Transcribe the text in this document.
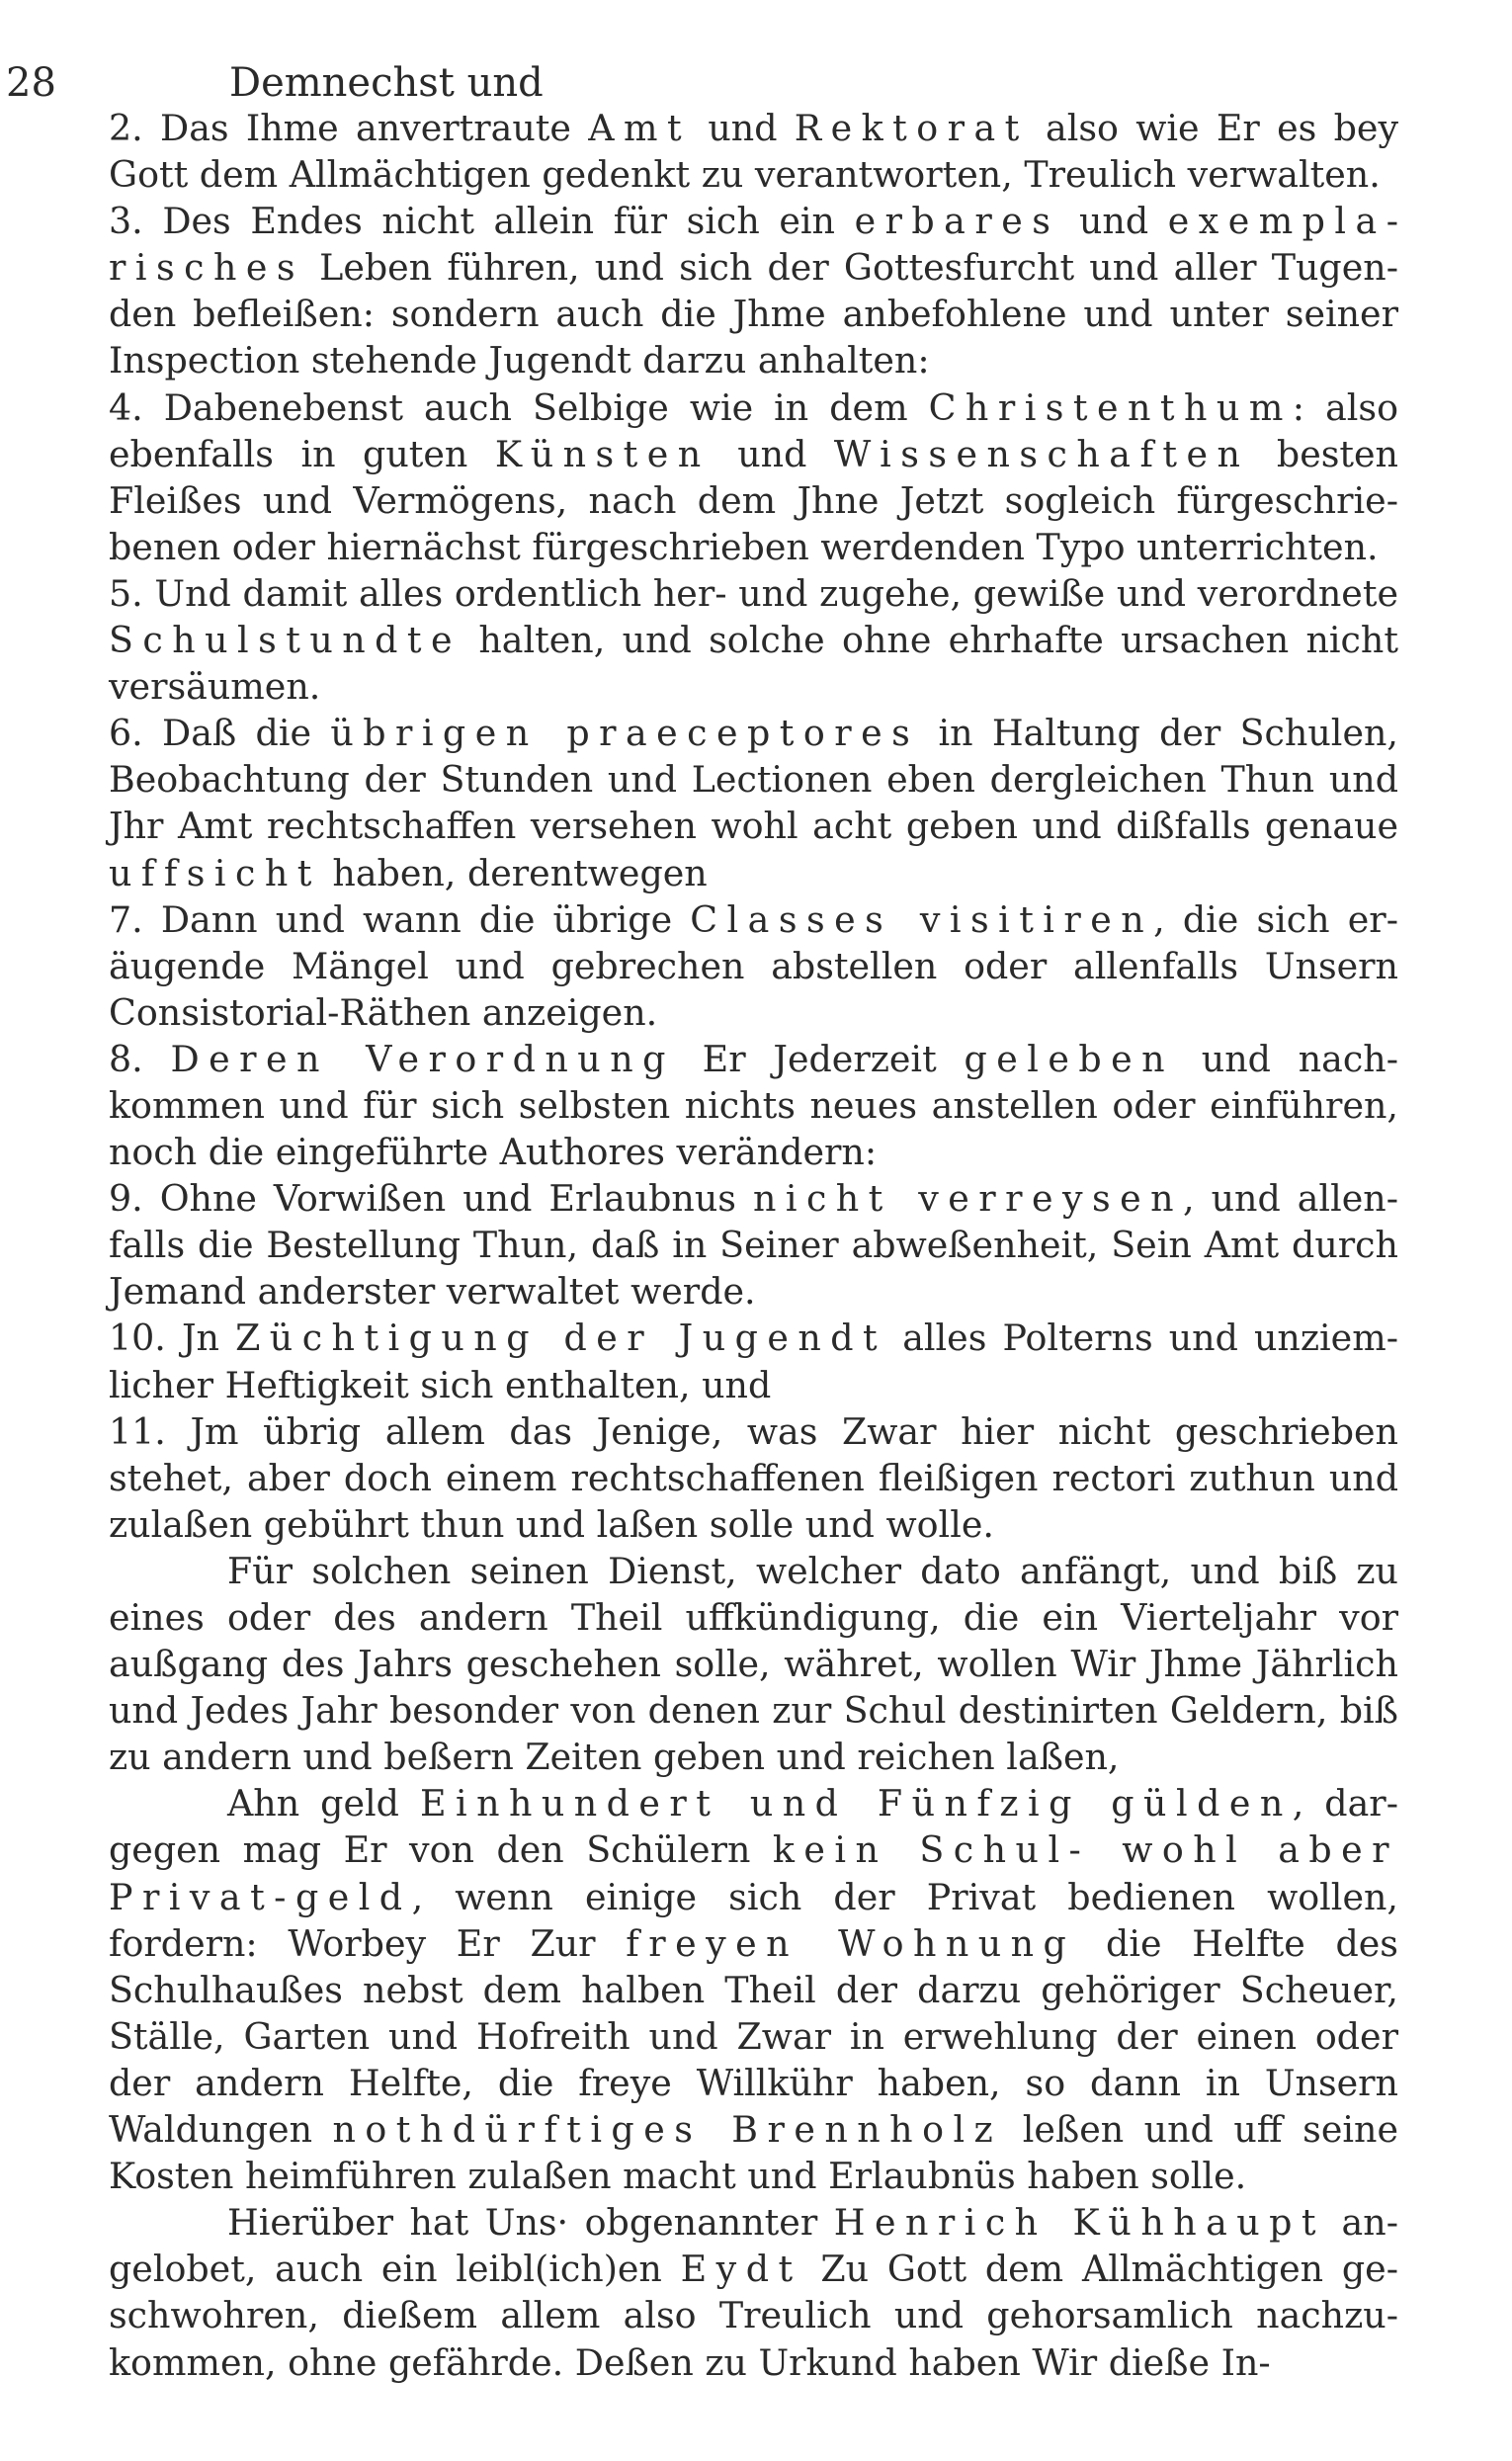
28	Demnechst und

2. Das Ihme anvertraute Amt und Rektorat also wie Er es bey Gott dem Allmächtigen gedenkt zu verantworten, Treulich verwalten.

3. Des Endes nicht allein für sich ein erbares und exemplarisches Leben führen, und sich der Gottesfurcht und aller Tugenden befleißen: sondern auch die Jhme anbefohlene und unter seiner Inspection stehende Jugendt darzu anhalten:

4. Dabenebenst auch Selbige wie in dem Christenthum: also ebenfalls in guten Künsten und Wissenschaften besten Fleißes und Vermögens, nach dem Jhne Jetzt sogleich fürgeschriebenen oder hiernächst fürgeschrieben werdenden Typo unterrichten.

5. Und damit alles ordentlich her- und zugehe, gewiße und verordnete Schulstundte halten, und solche ohne ehrhafte ursachen nicht versäumen.

6. Daß die übrigen praeceptores in Haltung der Schulen, Beobachtung der Stunden und Lectionen eben dergleichen Thun und Jhr Amt rechtschaffen versehen wohl acht geben und dißfalls genaue uffsicht haben, derentwegen

7. Dann und wann die übrige Classes visitiren, die sich eräugende Mängel und gebrechen abstellen oder allenfalls Unsern Consistorial-Räthen anzeigen.

8. Deren Verordnung Er Jederzeit geleben und nachkommen und für sich selbsten nichts neues anstellen oder einführen, noch die eingeführte Authores verändern:

9. Ohne Vorwißen und Erlaubnus nicht verreysen, und allenfalls die Bestellung Thun, daß in Seiner abweßenheit, Sein Amt durch Jemand anderster verwaltet werde.

10. Jn Züchtigung der Jugendt alles Polterns und unziemlicher Heftigkeit sich enthalten, und

11. Jm übrig allem das Jenige, was Zwar hier nicht geschrieben stehet, aber doch einem rechtschaffenen fleißigen rectori zuthun und zulaßen gebührt thun und laßen solle und wolle.

Für solchen seinen Dienst, welcher dato anfängt, und biß zu eines oder des andern Theil uffkündigung, die ein Vierteljahr vor außgang des Jahrs geschehen solle, währet, wollen Wir Jhme Jährlich und Jedes Jahr besonder von denen zur Schul destinirten Geldern, biß zu andern und beßern Zeiten geben und reichen laßen,

Ahn geld Einhundert und Fünfzig gülden, dargegen mag Er von den Schülern kein Schul- wohl aber Privat-geld, wenn einige sich der Privat bedienen wollen, fordern: Worbey Er Zur freyen Wohnung die Helfte des Schulhaußes nebst dem halben Theil der darzu gehöriger Scheuer, Ställe, Garten und Hofreith und Zwar in erwehlung der einen oder der andern Helfte, die freye Willkühr haben, so dann in Unsern Waldungen nothdürftiges Brennholz leßen und uff seine Kosten heimführen zulaßen macht und Erlaubnüs haben solle.

Hierüber hat Uns· obgenannter Henrich Kühhaupt angelobet, auch ein leibl(ich)en Eydt Zu Gott dem Allmächtigen geschwohren, dießem allem also Treulich und gehorsamlich nachzukommen, ohne gefährde. Deßen zu Urkund haben Wir dieße In-
